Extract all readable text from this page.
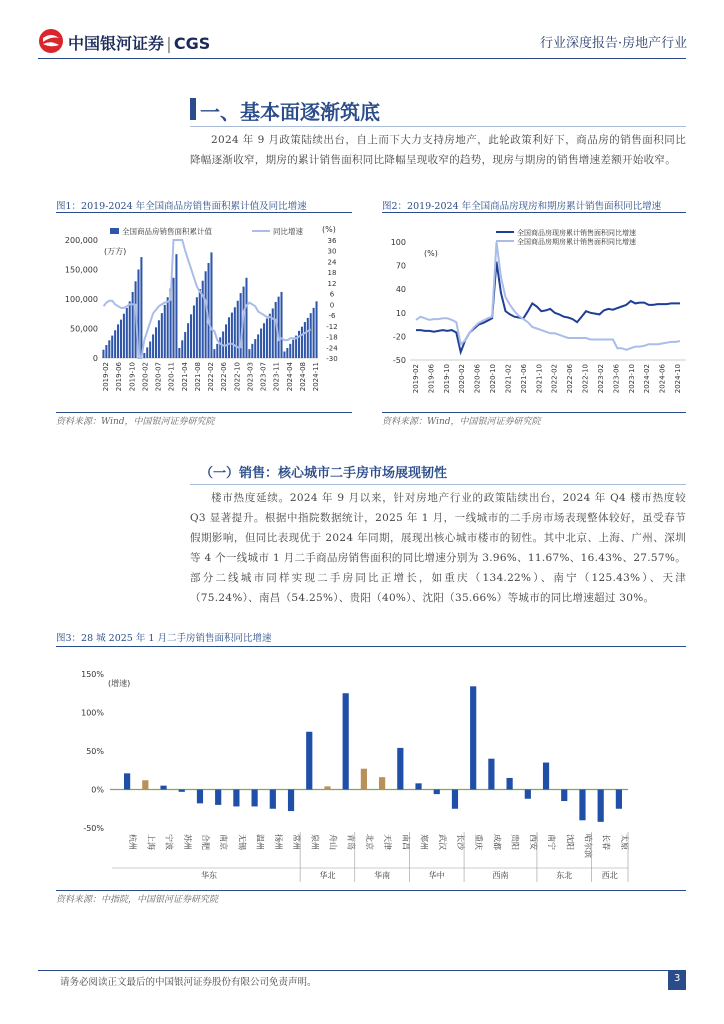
中国银河证券 | CGS	行业深度报告·房地产行业
一、基本面逐渐筑底
2024 年 9 月政策陆续出台，自上而下大力支持房地产，此轮政策利好下，商品房的销售面积同比降幅逐渐收窄，期房的累计销售面积同比降幅呈现收窄的趋势，现房与期房的销售增速差额开始收窄。
图1：2019-2024 年全国商品房销售面积累计值及同比增速
200,000
150,000
100,000
50,000
0
36
30
24
18
12
6
0
-6
-12
-18
-24
-30
(万方)
(%)
全国商品房销售面积累计值	同比增速
2019-02 2019-06 2019-10 2020-02 2020-07 2020-11 2021-04 2021-08 2022-02 2022-06 2022-10 2023-03 2023-07 2023-11 2024-04 2024-08 2024-11
资料来源：Wind，中国银河证券研究院
图2：2019-2024 年全国商品房现房和期房累计销售面积同比增速
100
70
40
10
-20
-50
(%)
全国商品房现房累计销售面积同比增速
全国商品房期房累计销售面积同比增速
2019-02 2019-06 2019-10 2020-02 2020-06 2020-10 2021-02 2021-06 2021-10 2022-02 2022-06 2022-10 2023-02 2023-06 2023-10 2024-02 2024-06 2024-10
资料来源：Wind，中国银河证券研究院
（一）销售：核心城市二手房市场展现韧性
楼市热度延续。2024 年 9 月以来，针对房地产行业的政策陆续出台，2024 年 Q4 楼市热度较 Q3 显著提升。根据中指院数据统计，2025 年 1 月，一线城市的二手房市场表现整体较好，虽受春节假期影响，但同比表现优于 2024 年同期，展现出核心城市楼市的韧性。其中北京、上海、广州、深圳等 4 个一线城市 1 月二手商品房销售面积的同比增速分别为 3.96%、11.67%、16.43%、27.57%。部分二线城市同样实现二手房同比正增长，如重庆（134.22%）、南宁（125.43%）、天津（75.24%）、南昌（54.25%）、贵阳（40%）、沈阳（35.66%）等城市的同比增速超过 30%。
图3：28 城 2025 年 1 月二手房销售面积同比增速
150%
100%
50%
0%
-50%
(增速)
杭州 上海 宁波 苏州 合肥 南京 无锡 温州 扬州 常州 泉州 舟山 青岛 北京 天津 南昌 郑州 武汉 长沙 重庆 成都 贵阳 西安 南宁 沈阳 哈尔滨 长春 太原
华东	华北	华南	华中	西南	东北	西北
资料来源：中指院，中国银河证券研究院
请务必阅读正文最后的中国银河证券股份有限公司免责声明。	3
